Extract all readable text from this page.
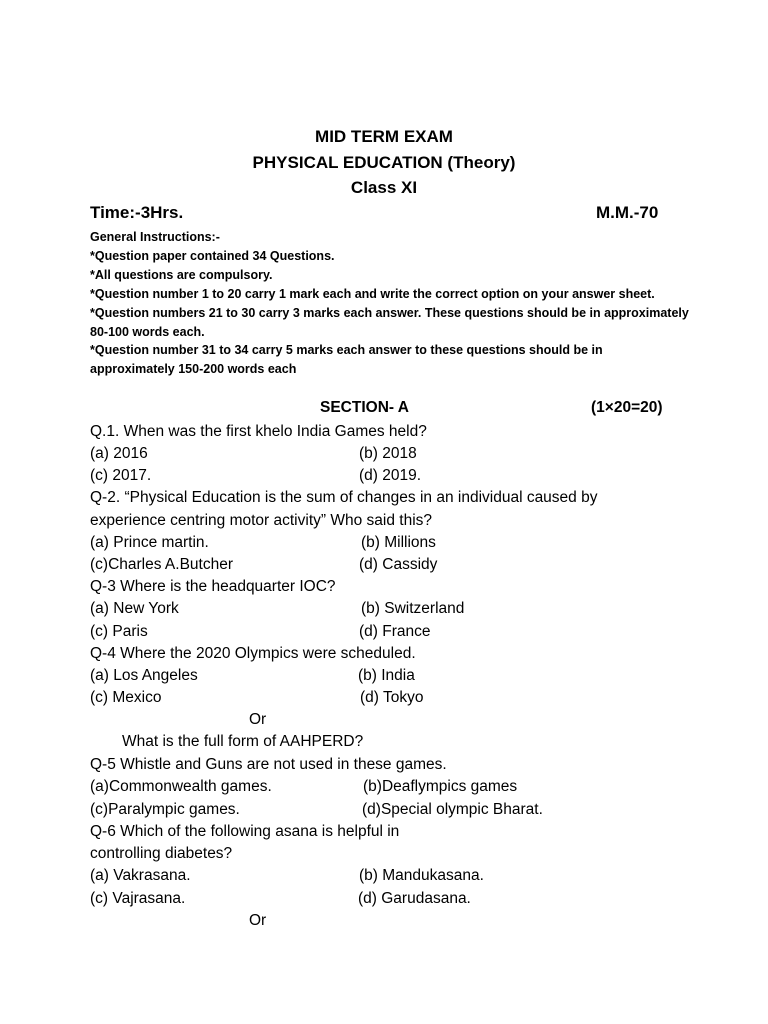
MID TERM EXAM
PHYSICAL EDUCATION (Theory)
Class XI
Time:-3Hrs.	M.M.-70
General Instructions:-
*Question paper contained 34 Questions.
*All questions are compulsory.
*Question number 1 to 20 carry 1 mark each and write the correct option on your answer sheet.
*Question numbers 21 to 30 carry 3 marks each answer. These questions should be in approximately 80-100 words each.
*Question number 31 to 34 carry 5 marks each answer to these questions should be in approximately 150-200 words each
SECTION- A	(1×20=20)
Q.1. When was the first khelo India Games held?
(a) 2016	(b) 2018
(c) 2017.	(d) 2019.
Q-2. “Physical Education is the sum of changes in an individual caused by
experience centring motor activity” Who said this?
(a) Prince martin.	(b) Millions
(c)Charles A.Butcher	(d) Cassidy
Q-3 Where is the headquarter IOC?
(a) New York	(b) Switzerland
(c) Paris	(d) France
Q-4 Where the 2020 Olympics were scheduled.
(a) Los Angeles	(b) India
(c) Mexico	(d) Tokyo
Or
What is the full form of AAHPERD?
Q-5 Whistle and Guns are not used in these games.
(a)Commonwealth games.	(b)Deaflympics games
(c)Paralympic games.	(d)Special olympic Bharat.
Q-6 Which of the following asana is helpful in
controlling diabetes?
(a) Vakrasana.	(b) Mandukasana.
(c) Vajrasana.	(d) Garudasana.
Or
